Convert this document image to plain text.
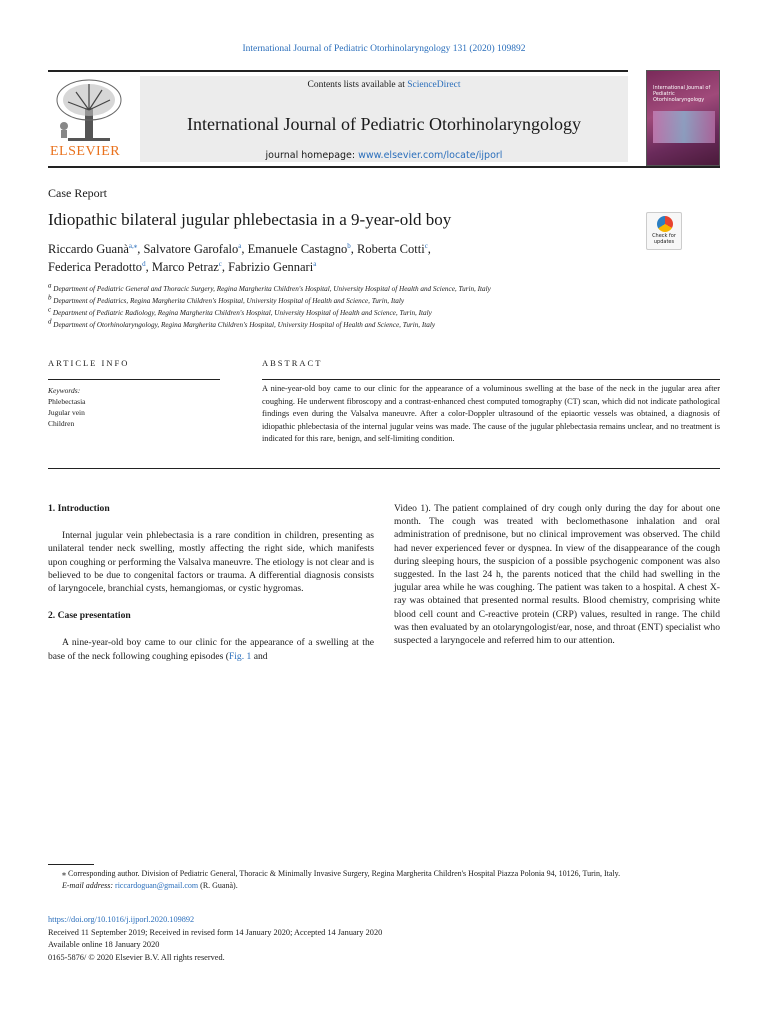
International Journal of Pediatric Otorhinolaryngology 131 (2020) 109892
ELSEVIER
Contents lists available at ScienceDirect
International Journal of Pediatric Otorhinolaryngology
journal homepage: www.elsevier.com/locate/ijporl
International Journal of Pediatric Otorhinolaryngology
Case Report
Idiopathic bilateral jugular phlebectasia in a 9-year-old boy
Check for updates
Riccardo Guanà$^{a,⁎}$, Salvatore Garofalo$^a$, Emanuele Castagno$^b$, Roberta Cotti$^c$,
Federica Peradotto$^d$, Marco Petraz$^c$, Fabrizio Gennari$^a$
$^a$ Department of Pediatric General and Thoracic Surgery, Regina Margherita Children's Hospital, University Hospital of Health and Science, Turin, Italy
$^b$ Department of Pediatrics, Regina Margherita Children's Hospital, University Hospital of Health and Science, Turin, Italy
$^c$ Department of Pediatric Radiology, Regina Margherita Children's Hospital, University Hospital of Health and Science, Turin, Italy
$^d$ Department of Otorhinolaryngology, Regina Margherita Children's Hospital, University Hospital of Health and Science, Turin, Italy
ARTICLE INFO	ABSTRACT
Keywords:
Phlebectasia
Jugular vein
Children
A nine-year-old boy came to our clinic for the appearance of a voluminous swelling at the base of the neck in the jugular area after coughing. He underwent fibroscopy and a contrast-enhanced chest computed tomography (CT) scan, which did not indicate pathological findings even during the Valsalva maneuvre. After a color-Doppler ultrasound of the epiaortic vessels was obtained, a diagnosis of idiopathic phlebectasia of the internal jugular veins was made. The cause of the jugular phlebectasia remains unclear, and no treatment is indicated for this rare, benign, and self-limiting condition.
1. Introduction
Internal jugular vein phlebectasia is a rare condition in children, presenting as unilateral tender neck swelling, mostly affecting the right side, which manifests upon coughing or performing the Valsalva maneuvre. The etiology is not clear and is believed to be due to congenital factors or trauma. A differential diagnosis consists of laryngocele, branchial cysts, hemangiomas, or cystic hygromas.
2. Case presentation
A nine-year-old boy came to our clinic for the appearance of a swelling at the base of the neck following coughing episodes (Fig. 1 and
Video 1). The patient complained of dry cough only during the day for about one month. The cough was treated with beclomethasone inhalation and oral administration of prednisone, but no clinical improvement was observed. The child had never experienced fever or dyspnea. In view of the disappearance of the cough during sleeping hours, the suspicion of a possible psychogenic component was also suggested. In the last 24 h, the parents noticed that the child had swelling in the jugular area while he was coughing. The patient was taken to a hospital. A chest X-ray was obtained that presented normal results. Blood chemistry, comprising white blood cell count and C-reactive protein (CRP) values, resulted in range. The child was then evaluated by an otolaryngologist/ear, nose, and throat (ENT) specialist who suspected a laryngocele and referred him to our attention.
⁎ Corresponding author. Division of Pediatric General, Thoracic & Minimally Invasive Surgery, Regina Margherita Children's Hospital Piazza Polonia 94, 10126, Turin, Italy.
E-mail address: riccardoguan@gmail.com (R. Guanà).
https://doi.org/10.1016/j.ijporl.2020.109892
Received 11 September 2019; Received in revised form 14 January 2020; Accepted 14 January 2020
Available online 18 January 2020
0165-5876/ © 2020 Elsevier B.V. All rights reserved.
